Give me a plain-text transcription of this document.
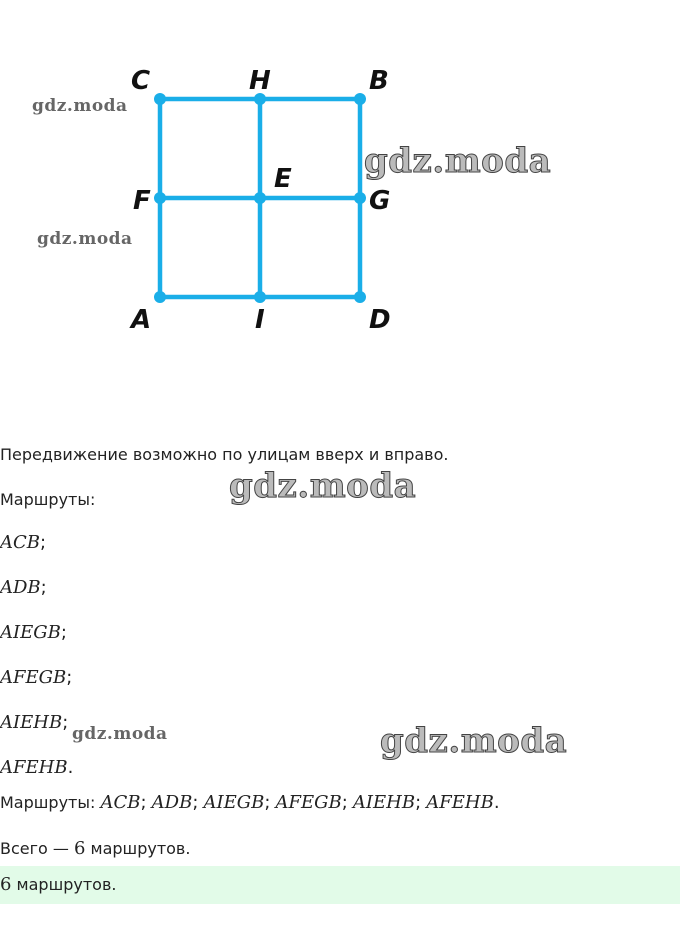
C	H	B
F
E
G
A	I	D
Передвижение возможно по улицам вверх и вправо.
Маршруты:
ACB;
ADB;
AIEGB;
AFEGB;
AIEHB;
AFEHB.
Маршруты: ACB; ADB; AIEGB; AFEGB; AIEHB; AFEHB.
Всего — 6 маршрутов.
6 маршрутов.
gdz.moda
gdz.moda
gdz.moda
gdz.moda
gdz.moda	gdz.moda
